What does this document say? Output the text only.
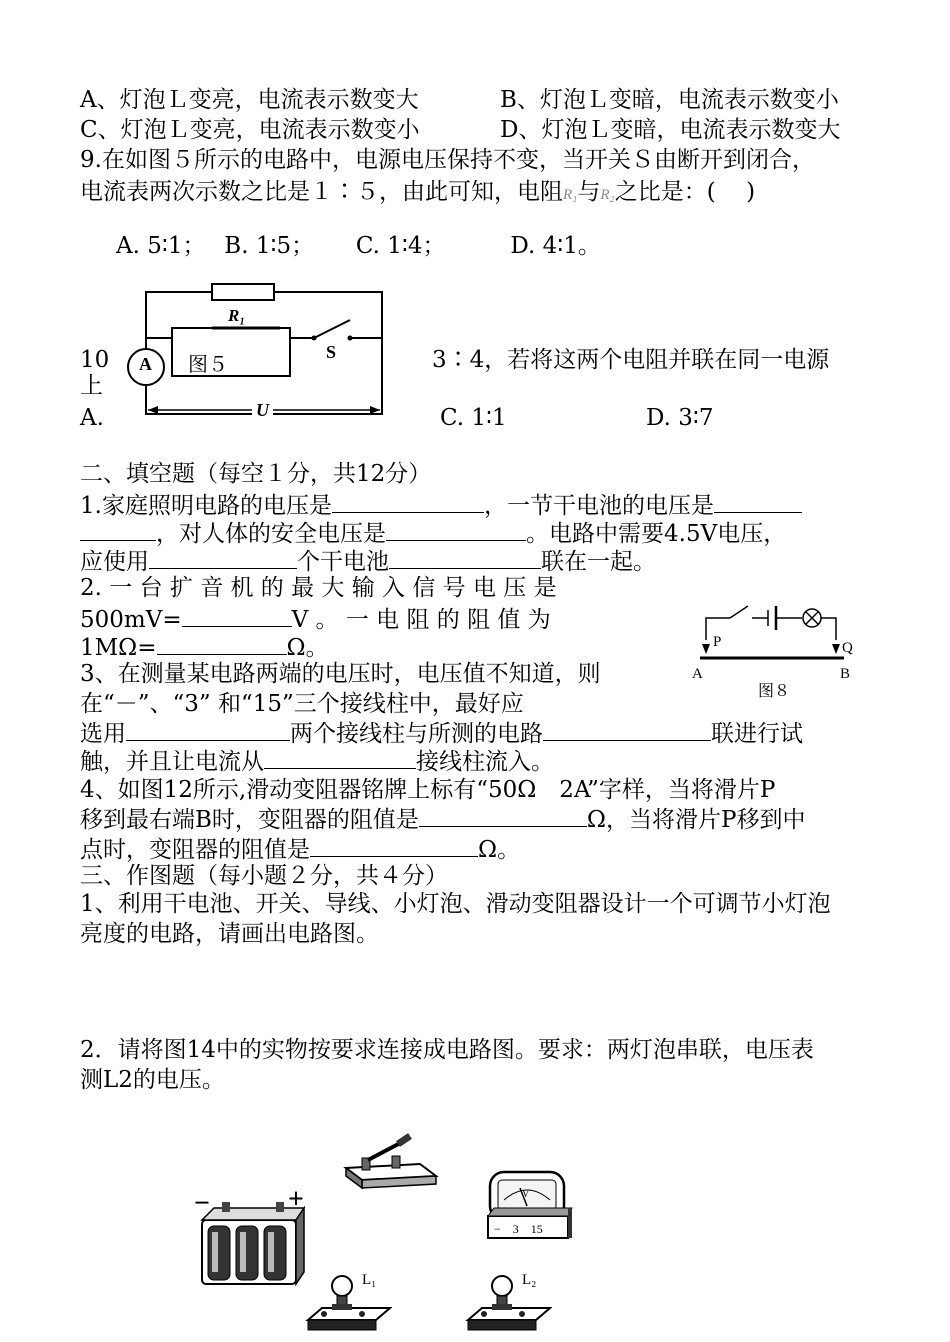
A、灯泡Ｌ变亮，电流表示数变大	B、灯泡Ｌ变暗，电流表示数变小
C、灯泡Ｌ变亮，电流表示数变小	D、灯泡Ｌ变暗，电流表示数变大
9.在如图５所示的电路中，电源电压保持不变，当开关Ｓ由断开到闭合，
电流表两次示数之比是１∶５，由此可知，电阻R₁与R₂之比是：(　 )
A. 5∶1；　 B. 1∶5；　　 C. 1∶4；　　　 D. 4∶1。
R₁
S
A
U
图５
10	3∶4，若将这两个电阻并联在同一电源
上
A.	C. 1∶1	D. 3∶7
二、填空题（每空１分，共12分）
1.家庭照明电路的电压是	，一节干电池的电压是
，对人体的安全电压是	。电路中需要4.5V电压，
应使用	个干电池	联在一起。
2. 一 台 扩 音 机 的 最 大 输 入 信 号 电 压 是
500mV=	V 。 一 电 阻 的 阻 值 为
1MΩ=	Ω。
3、在测量某电路两端的电压时，电压值不知道，则
在“－”、“3” 和“15”三个接线柱中，最好应
选用	两个接线柱与所测的电路	联进行试
触，并且让电流从	接线柱流入。
4、如图12所示,滑动变阻器铭牌上标有“50Ω　2A”字样，当将滑片P
移到最右端B时，变阻器的阻值是	Ω，当将滑片P移到中
点时，变阻器的阻值是	Ω。
P	Q
A	B
图８
三、作图题（每小题２分，共４分）
1、利用干电池、开关、导线、小灯泡、滑动变阻器设计一个可调节小灯泡
亮度的电路，请画出电路图。
2．请将图14中的实物按要求连接成电路图。要求：两灯泡串联，电压表
测L2的电压。
−	+	V
−　3　15
L₁	L₂
